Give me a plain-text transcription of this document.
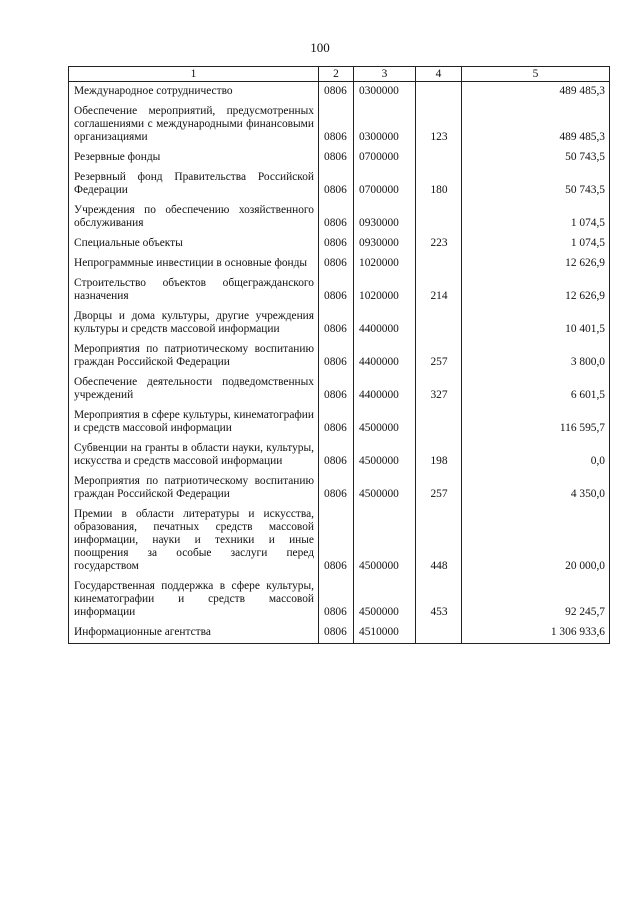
100
1	2	3	4	5
Международное сотрудничество	0806	0300000		489 485,3
Обеспечение мероприятий, предусмотренных соглашениями с международными финансовыми организациями	0806	0300000	123	489 485,3
Резервные фонды	0806	0700000		50 743,5
Резервный фонд Правительства Российской Федерации	0806	0700000	180	50 743,5
Учреждения по обеспечению хозяйственного обслуживания	0806	0930000		1 074,5
Специальные объекты	0806	0930000	223	1 074,5
Непрограммные инвестиции в основные фонды	0806	1020000		12 626,9
Строительство объектов общегражданского назначения	0806	1020000	214	12 626,9
Дворцы и дома культуры, другие учреждения культуры и средств массовой информации	0806	4400000		10 401,5
Мероприятия по патриотическому воспитанию граждан Российской Федерации	0806	4400000	257	3 800,0
Обеспечение деятельности подведомственных учреждений	0806	4400000	327	6 601,5
Мероприятия в сфере культуры, кинематографии и средств массовой информации	0806	4500000		116 595,7
Субвенции на гранты в области науки, культуры, искусства и средств массовой информации	0806	4500000	198	0,0
Мероприятия по патриотическому воспитанию граждан Российской Федерации	0806	4500000	257	4 350,0
Премии в области литературы и искусства, образования, печатных средств массовой информации, науки и техники и иные поощрения за особые заслуги перед государством	0806	4500000	448	20 000,0
Государственная поддержка в сфере культуры, кинематографии и средств массовой информации	0806	4500000	453	92 245,7
Информационные агентства	0806	4510000		1 306 933,6
